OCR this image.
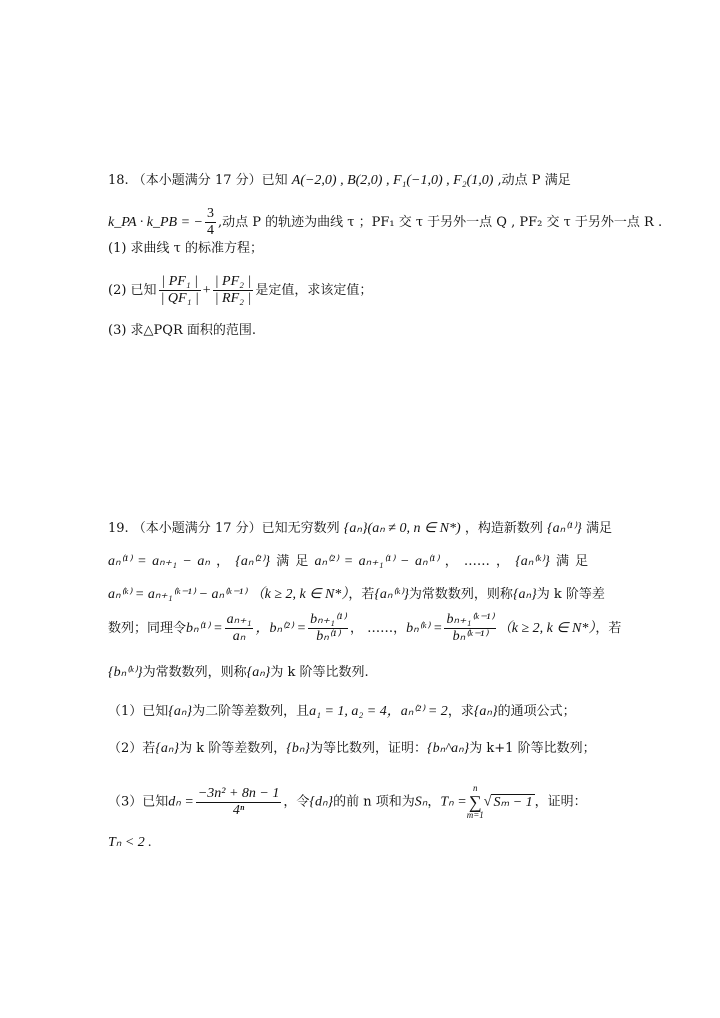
18. （本小题满分 17 分）已知 A(−2,0) , B(2,0) , F₁(−1,0) , F₂(1,0) ,动点 P 满足
k_PA · k_PB = − $\frac{3}{4}$ ,动点 P 的轨迹为曲线 τ ；PF₁ 交 τ 于另外一点 Q , PF₂ 交 τ 于另外一点 R .
(1) 求曲线 τ 的标准方程；
(2) 已知 $\frac{\text{| PF₁ |}}{\text{| QF₁ |}} + \frac{\text{| PF₂ |}}{\text{| RF₂ |}}$ 是定值，求该定值；
(3) 求△PQR 面积的范围.
19. （本小题满分 17 分）已知无穷数列 {aₙ}(aₙ ≠ 0, n ∈ N*) ，构造新数列 {aₙ⁽¹⁾} 满足
aₙ⁽¹⁾ = aₙ₊₁ − aₙ ， {aₙ⁽²⁾} 满 足 aₙ⁽²⁾ = aₙ₊₁⁽¹⁾ − aₙ⁽¹⁾ ， …… ， {aₙ⁽ᵏ⁾} 满 足
aₙ⁽ᵏ⁾ = aₙ₊₁⁽ᵏ⁻¹⁾ − aₙ⁽ᵏ⁻¹⁾ （k ≥ 2, k ∈ N*），若{aₙ⁽ᵏ⁾}为常数数列，则称{aₙ}为 k 阶等差
数列；同理令$b_n^{(1)} = \frac{\text{aₙ₊₁}}{\text{aₙ}}$ ，$b_n^{(2)} = \frac{\text{bₙ₊₁⁽¹⁾}}{\text{bₙ⁽¹⁾}}$ ， ……，bₙ⁽ᵏ⁾ = $\frac{\text{bₙ₊₁⁽ᵏ⁻¹⁾}}{\text{bₙ⁽ᵏ⁻¹⁾}} (k \ge 2$, k ∈ N*），若
{bₙ⁽ᵏ⁾}为常数数列，则称{aₙ}为 k 阶等比数列.
（1）已知{aₙ}为二阶等差数列，且a₁ = 1, a₂ = 4，aₙ⁽²⁾ = 2，求{aₙ}的通项公式；
（2）若{aₙ}为 k 阶等差数列，{bₙ}为等比数列，证明：{bₙ^aₙ}为 k+1 阶等比数列；
（3）已知$d_n = \frac{\text{−3n² + 8n − 1}}{\text{4ⁿ}}$ ，令{dₙ}的前 n 项和为Sₙ，Tₙ =n
∑
m=1√ Sₘ − 1 ，证明：
Tₙ < 2 .
